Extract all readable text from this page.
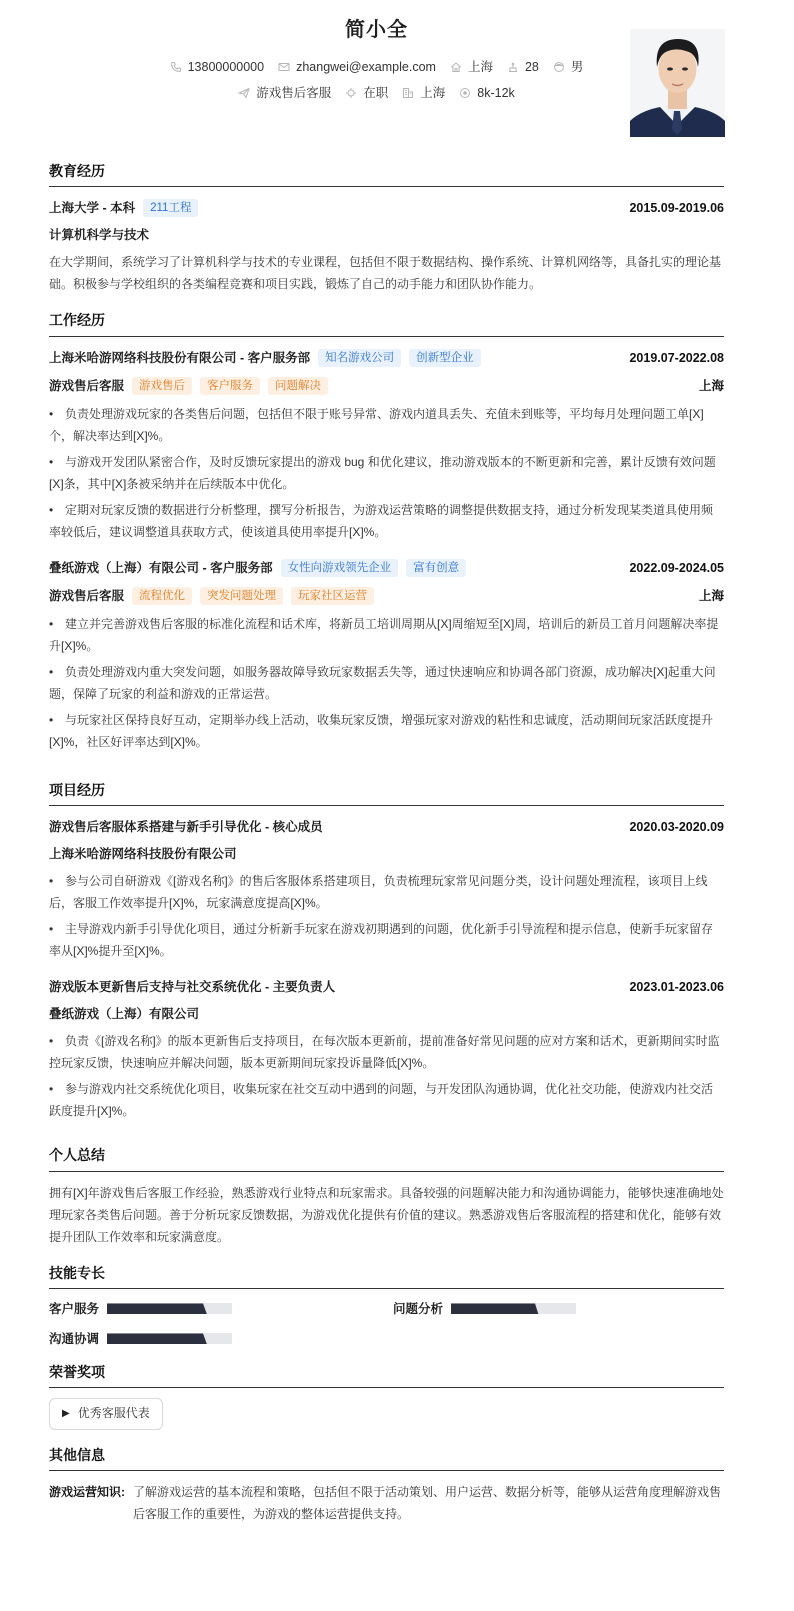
简小全
13800000000	zhangwei@example.com	上海	28	男
游戏售后客服	在职	上海	8k-12k
教育经历
上海大学 - 本科	211工程	2015.09-2019.06
计算机科学与技术
在大学期间，系统学习了计算机科学与技术的专业课程，包括但不限于数据结构、操作系统、计算机网络等，具备扎实的理论基础。积极参与学校组织的各类编程竞赛和项目实践，锻炼了自己的动手能力和团队协作能力。
工作经历
上海米哈游网络科技股份有限公司 - 客户服务部	知名游戏公司	创新型企业	2019.07-2022.08
游戏售后客服	游戏售后	客户服务	问题解决	上海
• 负责处理游戏玩家的各类售后问题，包括但不限于账号异常、游戏内道具丢失、充值未到账等，平均每月处理问题工单[X]个，解决率达到[X]%。
• 与游戏开发团队紧密合作，及时反馈玩家提出的游戏 bug 和优化建议，推动游戏版本的不断更新和完善，累计反馈有效问题[X]条，其中[X]条被采纳并在后续版本中优化。
• 定期对玩家反馈的数据进行分析整理，撰写分析报告，为游戏运营策略的调整提供数据支持，通过分析发现某类道具使用频率较低后，建议调整道具获取方式，使该道具使用率提升[X]%。
叠纸游戏（上海）有限公司 - 客户服务部	女性向游戏领先企业	富有创意	2022.09-2024.05
游戏售后客服	流程优化	突发问题处理	玩家社区运营	上海
• 建立并完善游戏售后客服的标准化流程和话术库，将新员工培训周期从[X]周缩短至[X]周，培训后的新员工首月问题解决率提升[X]%。
• 负责处理游戏内重大突发问题，如服务器故障导致玩家数据丢失等，通过快速响应和协调各部门资源，成功解决[X]起重大问题，保障了玩家的利益和游戏的正常运营。
• 与玩家社区保持良好互动，定期举办线上活动，收集玩家反馈，增强玩家对游戏的粘性和忠诚度，活动期间玩家活跃度提升[X]%，社区好评率达到[X]%。
项目经历
游戏售后客服体系搭建与新手引导优化 - 核心成员	2020.03-2020.09
上海米哈游网络科技股份有限公司
• 参与公司自研游戏《[游戏名称]》的售后客服体系搭建项目，负责梳理玩家常见问题分类，设计问题处理流程，该项目上线后，客服工作效率提升[X]%，玩家满意度提高[X]%。
• 主导游戏内新手引导优化项目，通过分析新手玩家在游戏初期遇到的问题，优化新手引导流程和提示信息，使新手玩家留存率从[X]%提升至[X]%。
游戏版本更新售后支持与社交系统优化 - 主要负责人	2023.01-2023.06
叠纸游戏（上海）有限公司
• 负责《[游戏名称]》的版本更新售后支持项目，在每次版本更新前，提前准备好常见问题的应对方案和话术，更新期间实时监控玩家反馈，快速响应并解决问题，版本更新期间玩家投诉量降低[X]%。
• 参与游戏内社交系统优化项目，收集玩家在社交互动中遇到的问题，与开发团队沟通协调，优化社交功能，使游戏内社交活跃度提升[X]%。
个人总结
拥有[X]年游戏售后客服工作经验，熟悉游戏行业特点和玩家需求。具备较强的问题解决能力和沟通协调能力，能够快速准确地处理玩家各类售后问题。善于分析玩家反馈数据，为游戏优化提供有价值的建议。熟悉游戏售后客服流程的搭建和优化，能够有效提升团队工作效率和玩家满意度。
技能专长
客户服务	问题分析
沟通协调
荣誉奖项
▶ 优秀客服代表
其他信息
游戏运营知识: 了解游戏运营的基本流程和策略，包括但不限于活动策划、用户运营、数据分析等，能够从运营角度理解游戏售后客服工作的重要性，为游戏的整体运营提供支持。
